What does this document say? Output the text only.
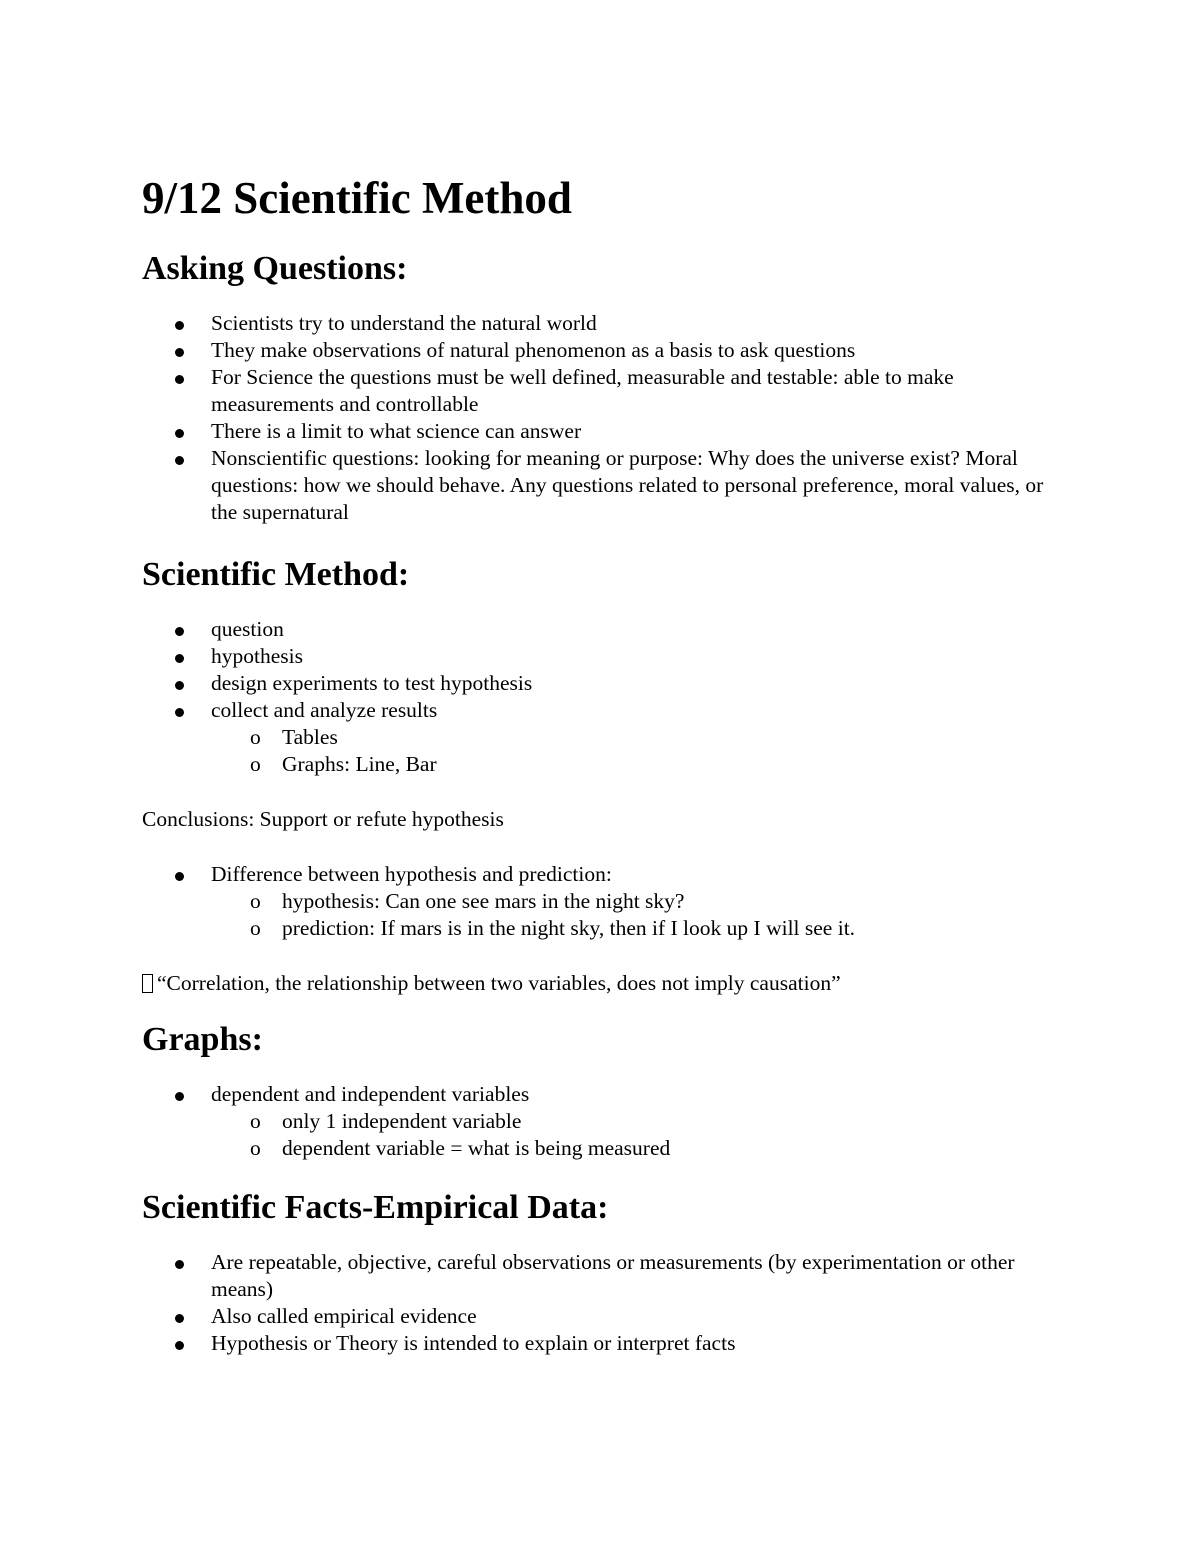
9/12 Scientific Method
Asking Questions:
Scientists try to understand the natural world
They make observations of natural phenomenon as a basis to ask questions
For Science the questions must be well defined, measurable and testable: able to make measurements and controllable
There is a limit to what science can answer
Nonscientific questions: looking for meaning or purpose: Why does the universe exist? Moral questions: how we should behave. Any questions related to personal preference, moral values, or the supernatural
Scientific Method:
question
hypothesis
design experiments to test hypothesis
collect and analyze results
o Tables
o Graphs: Line, Bar

Conclusions: Support or refute hypothesis

Difference between hypothesis and prediction:
o hypothesis: Can one see mars in the night sky?
o prediction: If mars is in the night sky, then if I look up I will see it.

“Correlation, the relationship between two variables, does not imply causation”

Graphs:
dependent and independent variables
o only 1 independent variable
o dependent variable = what is being measured
Scientific Facts-Empirical Data:
Are repeatable, objective, careful observations or measurements (by experimentation or other means)
Also called empirical evidence
Hypothesis or Theory is intended to explain or interpret facts
